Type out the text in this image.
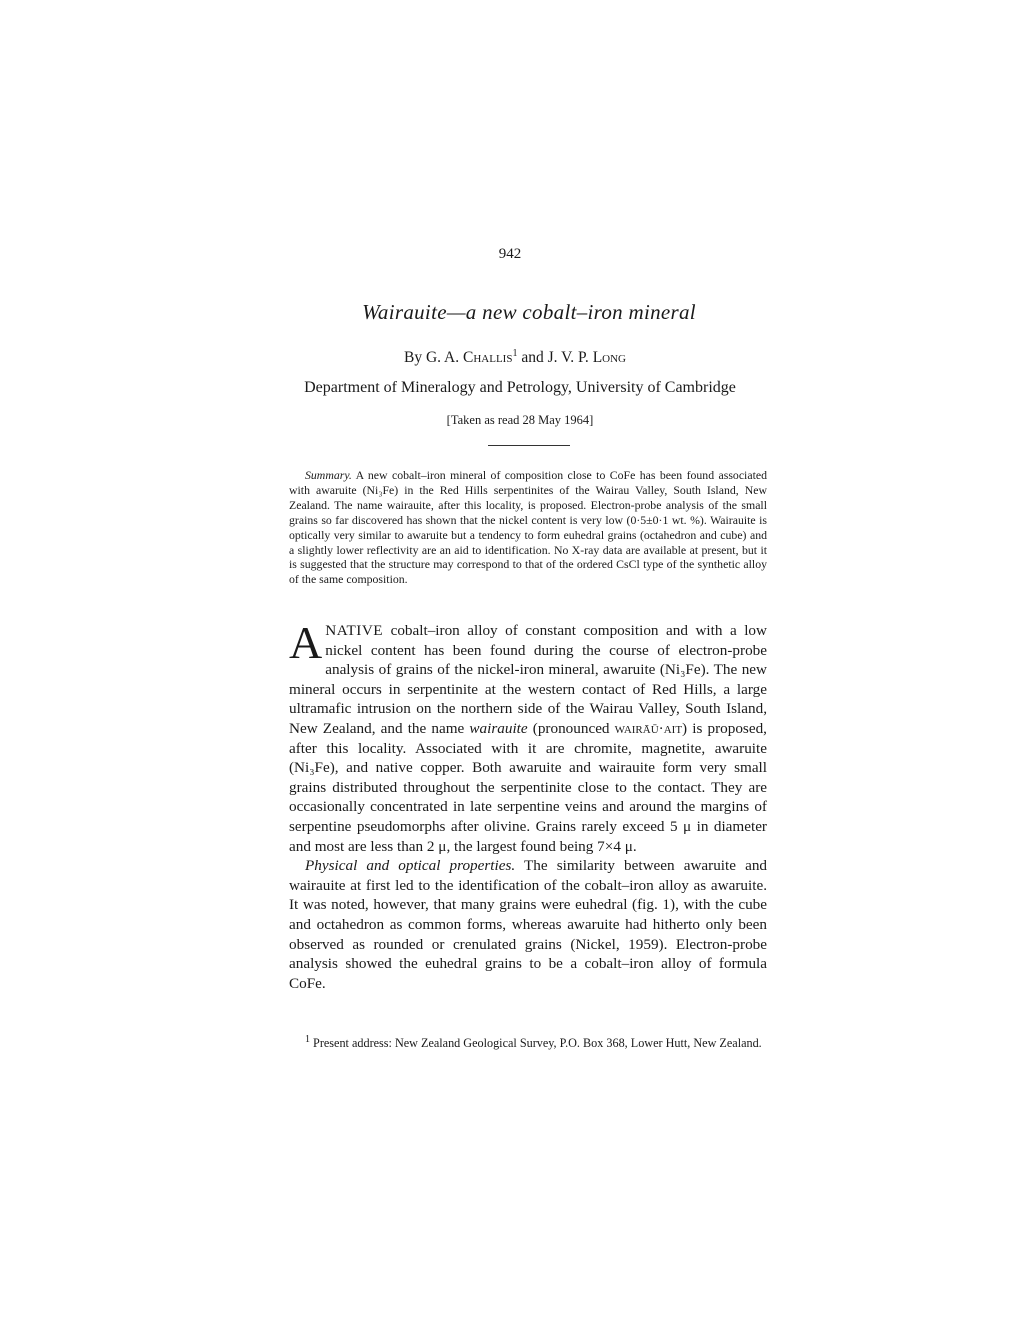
942
Wairauite—a new cobalt–iron mineral
By G. A. Challis$^1$ and J. V. P. Long
Department of Mineralogy and Petrology, University of Cambridge
[Taken as read 28 May 1964]
Summary. A new cobalt–iron mineral of composition close to CoFe has been found associated with awaruite (Ni₃Fe) in the Red Hills serpentinites of the Wairau Valley, South Island, New Zealand. The name wairauite, after this locality, is proposed. Electron-probe analysis of the small grains so far discovered has shown that the nickel content is very low (0·5±0·1 wt. %). Wairauite is optically very similar to awaruite but a tendency to form euhedral grains (octahedron and cube) and a slightly lower reflectivity are an aid to identification. No X-ray data are available at present, but it is suggested that the structure may correspond to that of the ordered CsCl type of the synthetic alloy of the same composition.

ANATIVE cobalt–iron alloy of constant composition and with a low nickel content has been found during the course of electron-probe analysis of grains of the nickel-iron mineral, awaruite (Ni₃Fe). The new mineral occurs in serpentinite at the western contact of Red Hills, a large ultramafic intrusion on the northern side of the Wairau Valley, South Island, New Zealand, and the name wairauite (pronounced wairāū·ait) is proposed, after this locality. Associated with it are chromite, magnetite, awaruite (Ni₃Fe), and native copper. Both awaruite and wairauite form very small grains distributed throughout the serpentinite close to the contact. They are occasionally concentrated in late serpentine veins and around the margins of serpentine pseudomorphs after olivine. Grains rarely exceed 5 μ in diameter and most are less than 2 μ, the largest found being 7×4 μ.

Physical and optical properties. The similarity between awaruite and wairauite at first led to the identification of the cobalt–iron alloy as awaruite. It was noted, however, that many grains were euhedral (fig. 1), with the cube and octahedron as common forms, whereas awaruite had hitherto only been observed as rounded or crenulated grains (Nickel, 1959). Electron-probe analysis showed the euhedral grains to be a cobalt–iron alloy of formula CoFe.

$^1$ Present address: New Zealand Geological Survey, P.O. Box 368, Lower Hutt, New Zealand.
